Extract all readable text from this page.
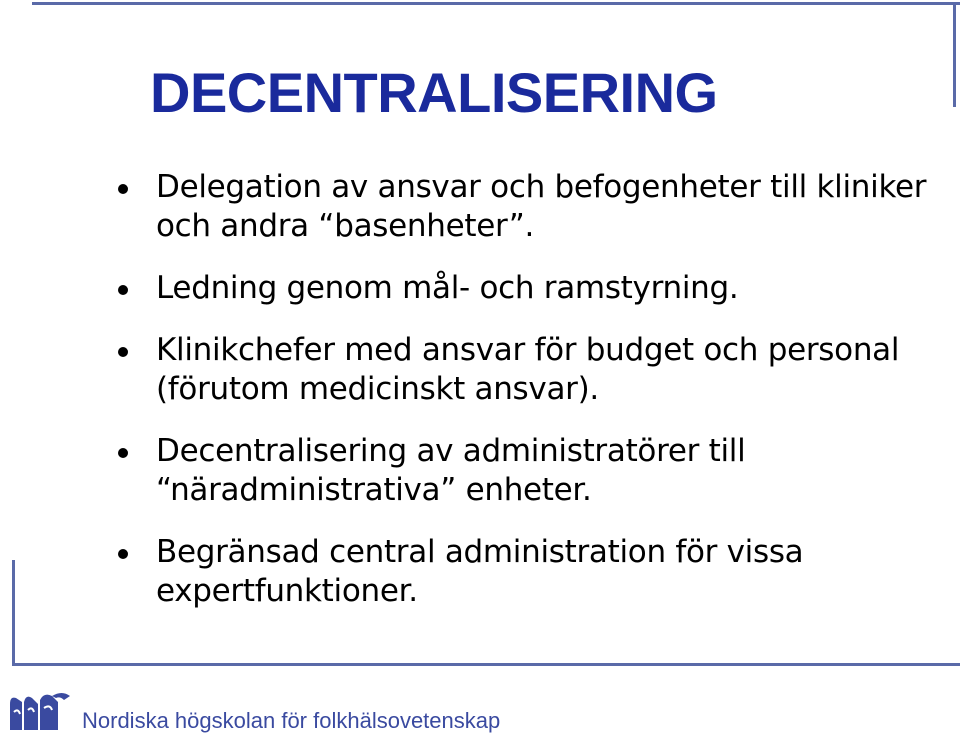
DECENTRALISERING
Delegation av ansvar och befogenheter till kliniker och andra “basenheter”.
Ledning genom mål- och ramstyrning.
Klinikchefer med ansvar för budget och personal (förutom medicinskt ansvar).
Decentralisering av administratörer till “näradministrativa” enheter.
Begränsad central administration för vissa expertfunktioner.
Nordiska högskolan för folkhälsovetenskap
